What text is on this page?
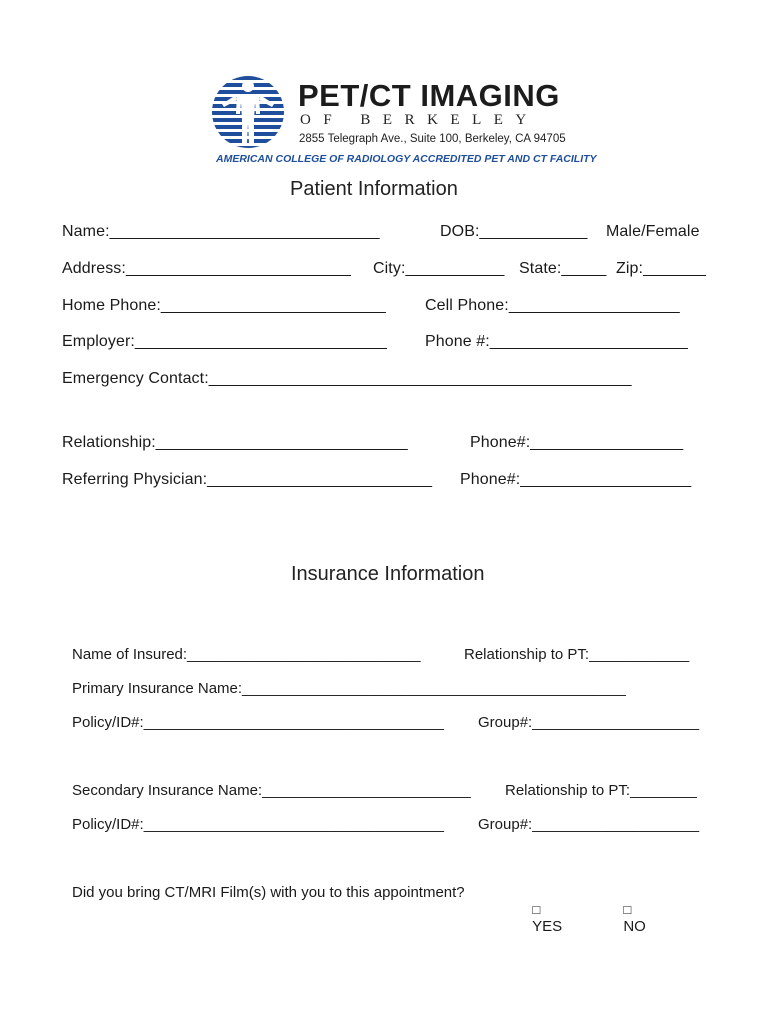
PET/CT IMAGING
OF BERKELEY
2855 Telegraph Ave., Suite 100, Berkeley, CA 94705
AMERICAN COLLEGE OF RADIOLOGY ACCREDITED PET AND CT FACILITY
Patient Information
Name:______________________________	DOB:____________ Male/Female
Address:_________________________ City:___________ State:_____ Zip:_______
Home Phone:_________________________ Cell Phone:___________________
Employer:____________________________ Phone #:______________________
Emergency Contact:_______________________________________________
Relationship:____________________________	Phone#:_________________
Referring Physician:_________________________ Phone#:___________________
Insurance Information
Name of Insured:____________________________	Relationship to PT:____________
Primary Insurance Name:______________________________________________
Policy/ID#:____________________________________ Group#:____________________
Secondary Insurance Name:_________________________ Relationship to PT:________
Policy/ID#:____________________________________ Group#:____________________
Did you bring CT/MRI Film(s) with you to this appointment?

□
YES

□
NO
